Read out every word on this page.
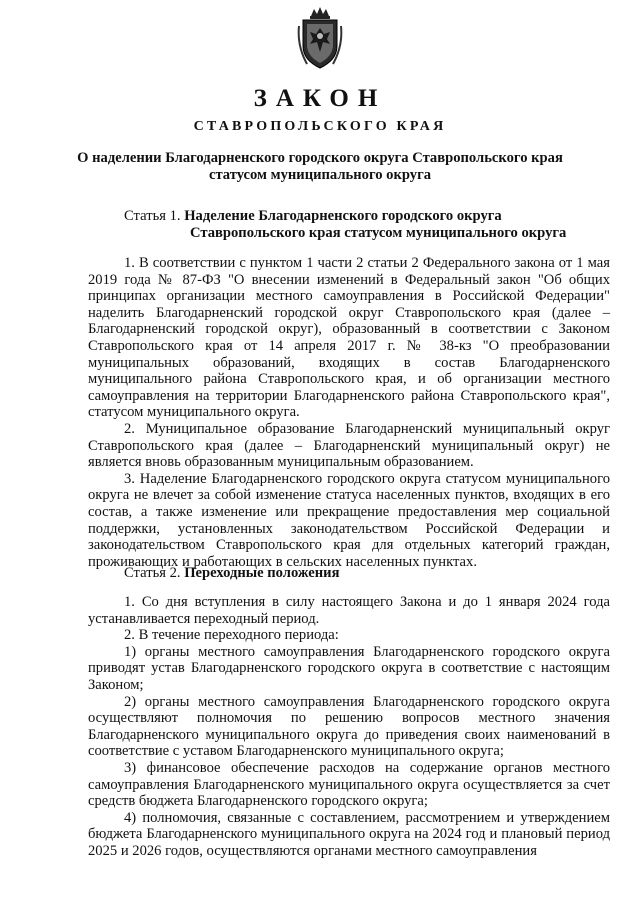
ЗАКОН
СТАВРОПОЛЬСКОГО КРАЯ
О наделении Благодарненского городского округа Ставропольского края
статусом муниципального округа
Статья 1. Наделение Благодарненского городского округа
Ставропольского края статусом муниципального округа

1. В соответствии с пунктом 1 части 2 статьи 2 Федерального закона от 1 мая 2019 года № 87-ФЗ "О внесении изменений в Федеральный закон "Об общих принципах организации местного самоуправления в Российской Федерации" наделить Благодарненский городской округ Ставропольского края (далее – Благодарненский городской округ), образованный в соответствии с Законом Ставропольского края от 14 апреля 2017 г. № 38-кз "О преобразовании муниципальных образований, входящих в состав Благодарненского муниципального района Ставропольского края, и об организации местного самоуправления на территории Благодарненского района Ставропольского края", статусом муниципального округа.

2. Муниципальное образование Благодарненский муниципальный округ Ставропольского края (далее – Благодарненский муниципальный округ) не является вновь образованным муниципальным образованием.

3. Наделение Благодарненского городского округа статусом муниципального округа не влечет за собой изменение статуса населенных пунктов, входящих в его состав, а также изменение или прекращение предоставления мер социальной поддержки, установленных законодательством Российской Федерации и законодательством Ставропольского края для отдельных категорий граждан, проживающих и работающих в сельских населенных пунктах.

Статья 2. Переходные положения

1. Со дня вступления в силу настоящего Закона и до 1 января 2024 года устанавливается переходный период.

2. В течение переходного периода:

1) органы местного самоуправления Благодарненского городского округа приводят устав Благодарненского городского округа в соответствие с настоящим Законом;

2) органы местного самоуправления Благодарненского городского округа осуществляют полномочия по решению вопросов местного значения Благодарненского муниципального округа до приведения своих наименований в соответствие с уставом Благодарненского муниципального округа;

3) финансовое обеспечение расходов на содержание органов местного самоуправления Благодарненского муниципального округа осуществляется за счет средств бюджета Благодарненского городского округа;

4) полномочия, связанные с составлением, рассмотрением и утверждением бюджета Благодарненского муниципального округа на 2024 год и плановый период 2025 и 2026 годов, осуществляются органами местного самоуправления
